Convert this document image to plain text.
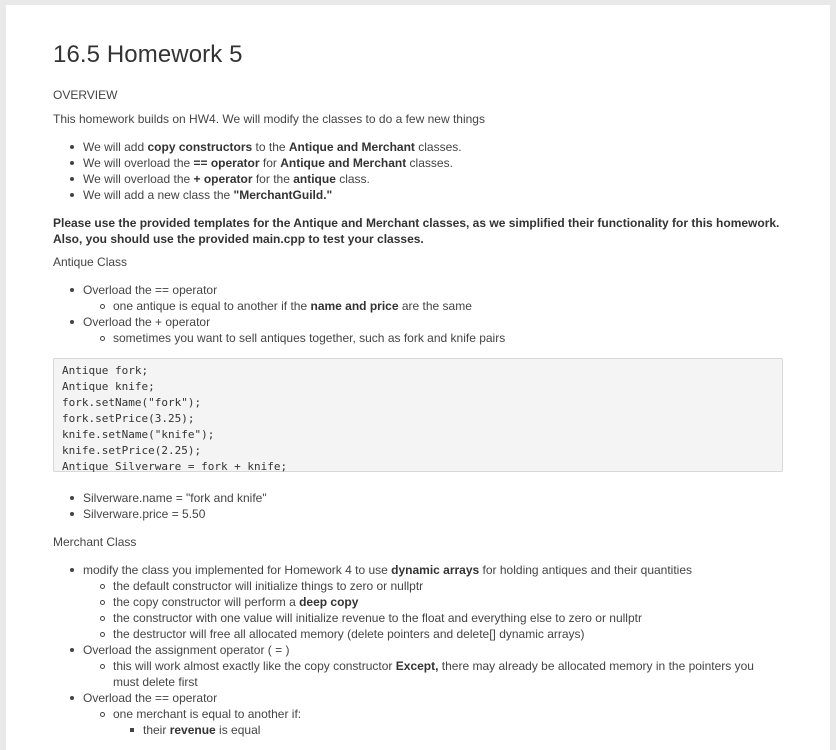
16.5 Homework 5
OVERVIEW
This homework builds on HW4. We will modify the classes to do a few new things
We will add copy constructors to the Antique and Merchant classes.
We will overload the == operator for Antique and Merchant classes.
We will overload the + operator for the antique class.
We will add a new class the "MerchantGuild."
Please use the provided templates for the Antique and Merchant classes, as we simplified their functionality for this homework. Also, you should use the provided main.cpp to test your classes.
Antique Class
Overload the == operator
one antique is equal to another if the name and price are the same
Overload the + operator
sometimes you want to sell antiques together, such as fork and knife pairs
Antique fork;
Antique knife;
fork.setName("fork");
fork.setPrice(3.25);
knife.setName("knife");
knife.setPrice(2.25);
Antique Silverware = fork + knife;
Silverware.name = "fork and knife"
Silverware.price = 5.50
Merchant Class
modify the class you implemented for Homework 4 to use dynamic arrays for holding antiques and their quantities
the default constructor will initialize things to zero or nullptr
the copy constructor will perform a deep copy
the constructor with one value will initialize revenue to the float and everything else to zero or nullptr
the destructor will free all allocated memory (delete pointers and delete[] dynamic arrays)
Overload the assignment operator ( = )
this will work almost exactly like the copy constructor Except, there may already be allocated memory in the pointers you must delete first
Overload the == operator
one merchant is equal to another if:
their revenue is equal
